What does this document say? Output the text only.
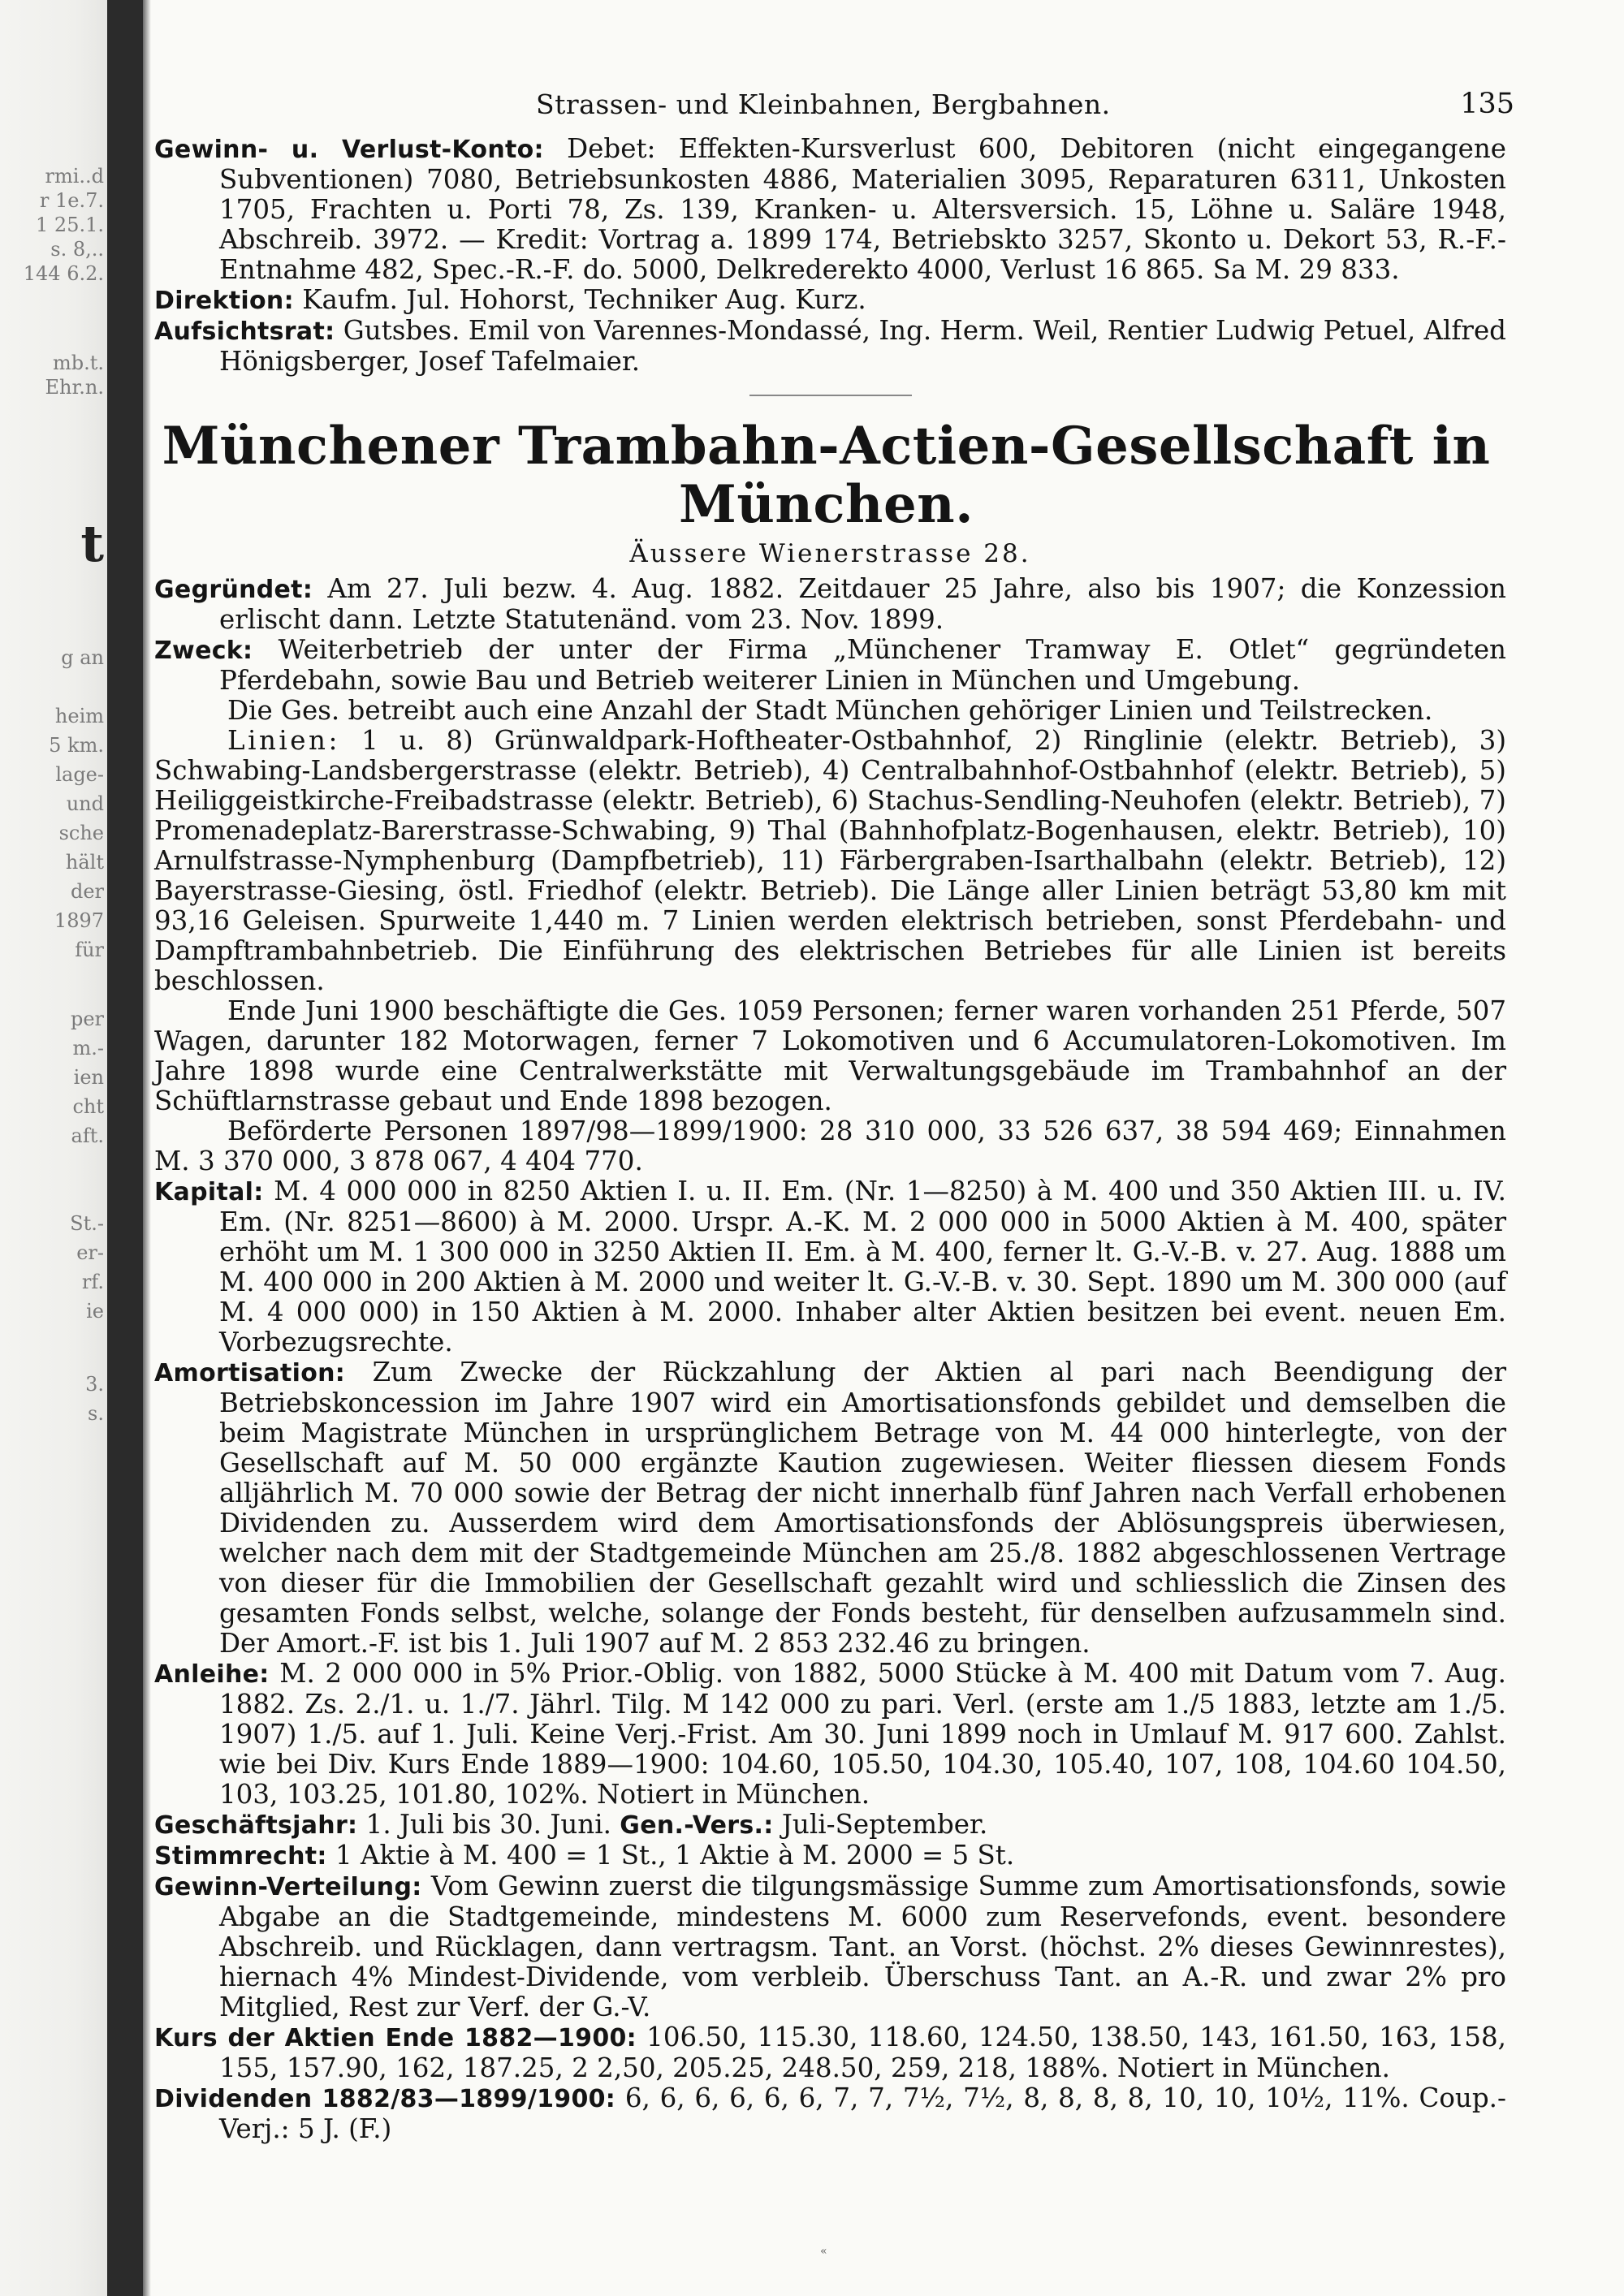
rmi..d
r 1e.7.
1 25.1.
s. 8,..
144 6.2.
mb.t.
Ehr.n.
t
g an
heim
5 km.
lage-
und
sche
hält
der
1897
für
per
m.-
ien
cht
aft.
St.-
er-
rf.
ie
3.
s.
Strassen- und Kleinbahnen, Bergbahnen.	135

Gewinn- u. Verlust-Konto: Debet: Effekten-Kursverlust 600, Debitoren (nicht eingegangene Subventionen) 7080, Betriebsunkosten 4886, Materialien 3095, Reparaturen 6311, Unkosten 1705, Frachten u. Porti 78, Zs. 139, Kranken- u. Altersversich. 15, Löhne u. Saläre 1948, Abschreib. 3972. — Kredit: Vortrag a. 1899 174, Betriebskto 3257, Skonto u. Dekort 53, R.-F.-Entnahme 482, Spec.-R.-F. do. 5000, Delkrederekto 4000, Verlust 16 865. Sa M. 29 833.

Direktion: Kaufm. Jul. Hohorst, Techniker Aug. Kurz.

Aufsichtsrat: Gutsbes. Emil von Varennes-Mondassé, Ing. Herm. Weil, Rentier Ludwig Petuel, Alfred Hönigsberger, Josef Tafelmaier.

Münchener Trambahn-Actien-Gesellschaft in München.
Äussere Wienerstrasse 28.

Gegründet: Am 27. Juli bezw. 4. Aug. 1882. Zeitdauer 25 Jahre, also bis 1907; die Konzession erlischt dann. Letzte Statutenänd. vom 23. Nov. 1899.

Zweck: Weiterbetrieb der unter der Firma „Münchener Tramway E. Otlet“ gegründeten Pferdebahn, sowie Bau und Betrieb weiterer Linien in München und Umgebung.

Die Ges. betreibt auch eine Anzahl der Stadt München gehöriger Linien und Teilstrecken.

Linien: 1 u. 8) Grünwaldpark-Hoftheater-Ostbahnhof, 2) Ringlinie (elektr. Betrieb), 3) Schwabing-Landsbergerstrasse (elektr. Betrieb), 4) Centralbahnhof-Ostbahnhof (elektr. Betrieb), 5) Heiliggeistkirche-Freibadstrasse (elektr. Betrieb), 6) Stachus-Sendling-Neuhofen (elektr. Betrieb), 7) Promenadeplatz-Barerstrasse-Schwabing, 9) Thal (Bahnhofplatz-Bogenhausen, elektr. Betrieb), 10) Arnulfstrasse-Nymphenburg (Dampfbetrieb), 11) Färbergraben-Isarthalbahn (elektr. Betrieb), 12) Bayerstrasse-Giesing, östl. Friedhof (elektr. Betrieb). Die Länge aller Linien beträgt 53,80 km mit 93,16 Geleisen. Spurweite 1,440 m. 7 Linien werden elektrisch betrieben, sonst Pferdebahn- und Dampftrambahnbetrieb. Die Einführung des elektrischen Betriebes für alle Linien ist bereits beschlossen.

Ende Juni 1900 beschäftigte die Ges. 1059 Personen; ferner waren vorhanden 251 Pferde, 507 Wagen, darunter 182 Motorwagen, ferner 7 Lokomotiven und 6 Accumulatoren-Lokomotiven. Im Jahre 1898 wurde eine Centralwerkstätte mit Verwaltungsgebäude im Trambahnhof an der Schüftlarnstrasse gebaut und Ende 1898 bezogen.

Beförderte Personen 1897/98—1899/1900: 28 310 000, 33 526 637, 38 594 469; Einnahmen M. 3 370 000, 3 878 067, 4 404 770.

Kapital: M. 4 000 000 in 8250 Aktien I. u. II. Em. (Nr. 1—8250) à M. 400 und 350 Aktien III. u. IV. Em. (Nr. 8251—8600) à M. 2000. Urspr. A.-K. M. 2 000 000 in 5000 Aktien à M. 400, später erhöht um M. 1 300 000 in 3250 Aktien II. Em. à M. 400, ferner lt. G.-V.-B. v. 27. Aug. 1888 um M. 400 000 in 200 Aktien à M. 2000 und weiter lt. G.-V.-B. v. 30. Sept. 1890 um M. 300 000 (auf M. 4 000 000) in 150 Aktien à M. 2000. Inhaber alter Aktien besitzen bei event. neuen Em. Vorbezugsrechte.

Amortisation: Zum Zwecke der Rückzahlung der Aktien al pari nach Beendigung der Betriebskoncession im Jahre 1907 wird ein Amortisationsfonds gebildet und demselben die beim Magistrate München in ursprünglichem Betrage von M. 44 000 hinterlegte, von der Gesellschaft auf M. 50 000 ergänzte Kaution zugewiesen. Weiter fliessen diesem Fonds alljährlich M. 70 000 sowie der Betrag der nicht innerhalb fünf Jahren nach Verfall erhobenen Dividenden zu. Ausserdem wird dem Amortisationsfonds der Ablösungspreis überwiesen, welcher nach dem mit der Stadtgemeinde München am 25./8. 1882 abgeschlossenen Vertrage von dieser für die Immobilien der Gesellschaft gezahlt wird und schliesslich die Zinsen des gesamten Fonds selbst, welche, solange der Fonds besteht, für denselben aufzusammeln sind. Der Amort.-F. ist bis 1. Juli 1907 auf M. 2 853 232.46 zu bringen.

Anleihe: M. 2 000 000 in 5% Prior.-Oblig. von 1882, 5000 Stücke à M. 400 mit Datum vom 7. Aug. 1882. Zs. 2./1. u. 1./7. Jährl. Tilg. M 142 000 zu pari. Verl. (erste am 1./5 1883, letzte am 1./5. 1907) 1./5. auf 1. Juli. Keine Verj.-Frist. Am 30. Juni 1899 noch in Umlauf M. 917 600. Zahlst. wie bei Div. Kurs Ende 1889—1900: 104.60, 105.50, 104.30, 105.40, 107, 108, 104.60 104.50, 103, 103.25, 101.80, 102%. Notiert in München.

Geschäftsjahr: 1. Juli bis 30. Juni. Gen.-Vers.: Juli-September.

Stimmrecht: 1 Aktie à M. 400 = 1 St., 1 Aktie à M. 2000 = 5 St.

Gewinn-Verteilung: Vom Gewinn zuerst die tilgungsmässige Summe zum Amortisationsfonds, sowie Abgabe an die Stadtgemeinde, mindestens M. 6000 zum Reservefonds, event. besondere Abschreib. und Rücklagen, dann vertragsm. Tant. an Vorst. (höchst. 2% dieses Gewinnrestes), hiernach 4% Mindest-Dividende, vom verbleib. Überschuss Tant. an A.-R. und zwar 2% pro Mitglied, Rest zur Verf. der G.-V.

Kurs der Aktien Ende 1882—1900: 106.50, 115.30, 118.60, 124.50, 138.50, 143, 161.50, 163, 158, 155, 157.90, 162, 187.25, 2 2,50, 205.25, 248.50, 259, 218, 188%. Notiert in München.

Dividenden 1882/83—1899/1900: 6, 6, 6, 6, 6, 6, 7, 7, 7½, 7½, 8, 8, 8, 8, 10, 10, 10½, 11%. Coup.-Verj.: 5 J. (F.)

«
